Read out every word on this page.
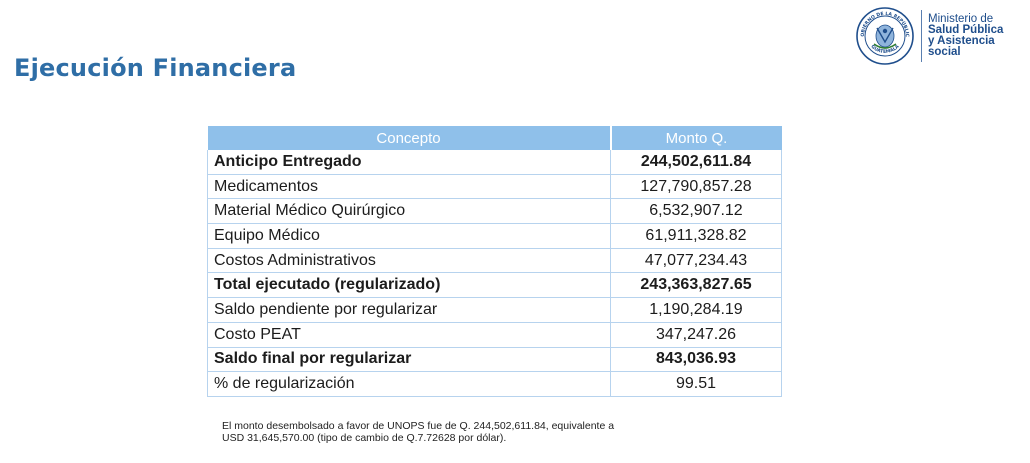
Ejecución Financiera
OBIERNO DE LA REPÚBLIC
GUATEMALA
Ministerio de
Salud Pública
y Asistencia
social
Concepto	Monto Q.
Anticipo Entregado	244,502,611.84
Medicamentos	127,790,857.28
Material Médico Quirúrgico	6,532,907.12
Equipo Médico	61,911,328.82
Costos Administrativos	47,077,234.43
Total ejecutado (regularizado)	243,363,827.65
Saldo pendiente por regularizar	1,190,284.19
Costo PEAT	347,247.26
Saldo final por regularizar	843,036.93
% de regularización	99.51
El monto desembolsado a favor de UNOPS fue de Q. 244,502,611.84, equivalente a
USD 31,645,570.00 (tipo de cambio de Q.7.72628 por dólar).
